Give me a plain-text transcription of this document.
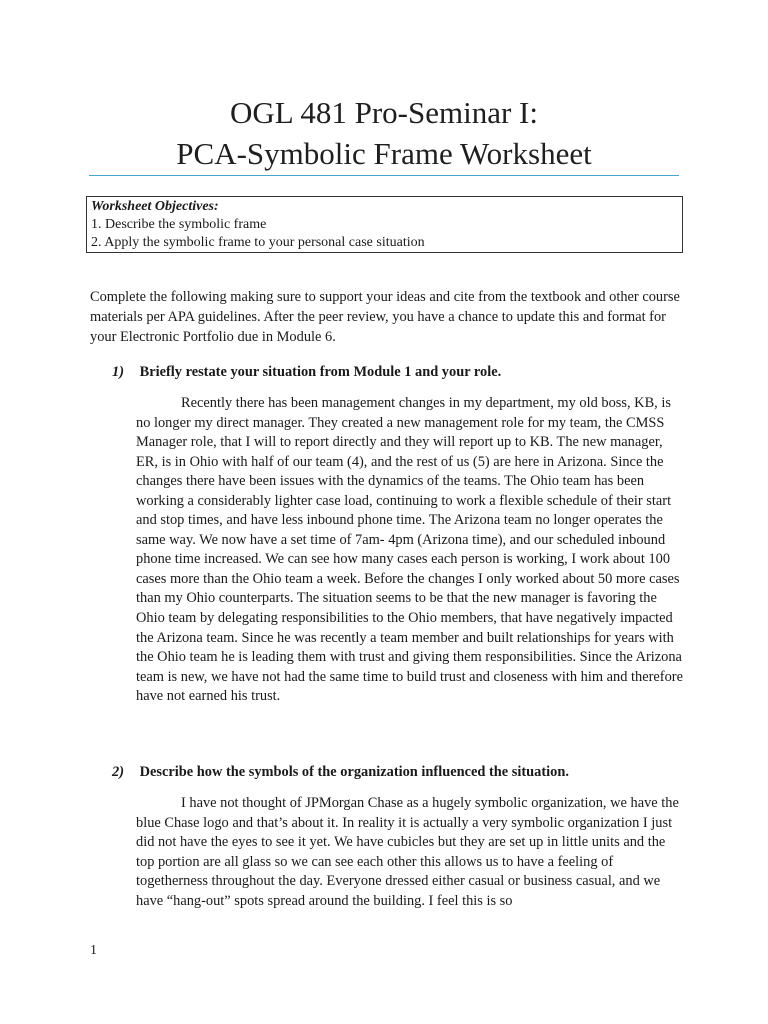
OGL 481 Pro-Seminar I:
PCA-Symbolic Frame Worksheet
Worksheet Objectives:
1. Describe the symbolic frame
2. Apply the symbolic frame to your personal case situation
Complete the following making sure to support your ideas and cite from the textbook and other course materials per APA guidelines. After the peer review, you have a chance to update this and format for your Electronic Portfolio due in Module 6.
1) Briefly restate your situation from Module 1 and your role.
Recently there has been management changes in my department, my old boss, KB, is no longer my direct manager. They created a new management role for my team, the CMSS Manager role, that I will to report directly and they will report up to KB. The new manager, ER, is in Ohio with half of our team (4), and the rest of us (5) are here in Arizona. Since the changes there have been issues with the dynamics of the teams. The Ohio team has been working a considerably lighter case load, continuing to work a flexible schedule of their start and stop times, and have less inbound phone time. The Arizona team no longer operates the same way. We now have a set time of 7am- 4pm (Arizona time), and our scheduled inbound phone time increased. We can see how many cases each person is working, I work about 100 cases more than the Ohio team a week. Before the changes I only worked about 50 more cases than my Ohio counterparts. The situation seems to be that the new manager is favoring the Ohio team by delegating responsibilities to the Ohio members, that have negatively impacted the Arizona team. Since he was recently a team member and built relationships for years with the Ohio team he is leading them with trust and giving them responsibilities. Since the Arizona team is new, we have not had the same time to build trust and closeness with him and therefore have not earned his trust.
2) Describe how the symbols of the organization influenced the situation.
I have not thought of JPMorgan Chase as a hugely symbolic organization, we have the blue Chase logo and that’s about it. In reality it is actually a very symbolic organization I just did not have the eyes to see it yet. We have cubicles but they are set up in little units and the top portion are all glass so we can see each other this allows us to have a feeling of togetherness throughout the day. Everyone dressed either casual or business casual, and we have “hang-out” spots spread around the building. I feel this is so
1
